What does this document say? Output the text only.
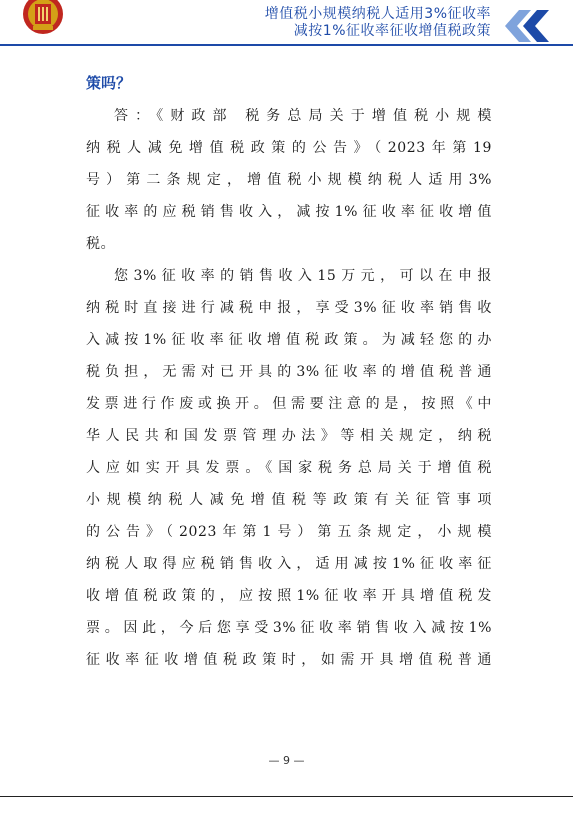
增值税小规模纳税人适用3%征收率
减按1%征收率征收增值税政策
策吗？
答：《财政部 税务总局关于增值税小规模
纳税人减免增值税政策的公告》（2023年第19
号）第二条规定，增值税小规模纳税人适用3%
征收率的应税销售收入，减按1%征收率征收增值
税。
您3%征收率的销售收入15万元，可以在申报
纳税时直接进行减税申报，享受3%征收率销售收
入减按1%征收率征收增值税政策。为减轻您的办
税负担，无需对已开具的3%征收率的增值税普通
发票进行作废或换开。但需要注意的是，按照《中
华人民共和国发票管理办法》等相关规定，纳税
人应如实开具发票。《国家税务总局关于增值税
小规模纳税人减免增值税等政策有关征管事项
的公告》（2023年第1号）第五条规定，小规模
纳税人取得应税销售收入，适用减按1%征收率征
收增值税政策的，应按照1%征收率开具增值税发
票。因此，今后您享受3%征收率销售收入减按1%
征收率征收增值税政策时，如需开具增值税普通
— 9 —
